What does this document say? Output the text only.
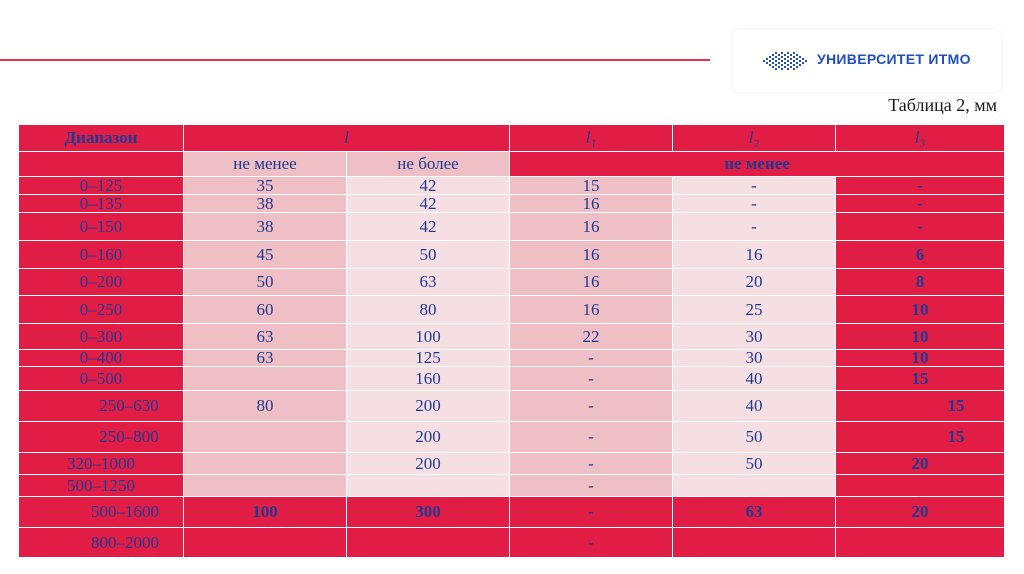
УНИВЕРСИТЕТ ИТМО
Таблица 2, мм
Диапазон	l		l₁	l₂	l₃
	не менее	не более	не менее		
0–125	35	42	15	-	-
0–135	38	42	16	-	-
0–150	38	42	16	-	-
0–160	45	50	16	16	6
0–200	50	63	16	20	8
0–250	60	80	16	25	10
0–300	63	100	22	30	10
0–400	63	125	-	30	10
0–500		160	-	40	15
250–630	80	200	-	40	15
250–800		200	-	50	15
320–1000		200	-	50	20
500–1250			-		
500–1600	100	300	-	63	20
800–2000			-		
